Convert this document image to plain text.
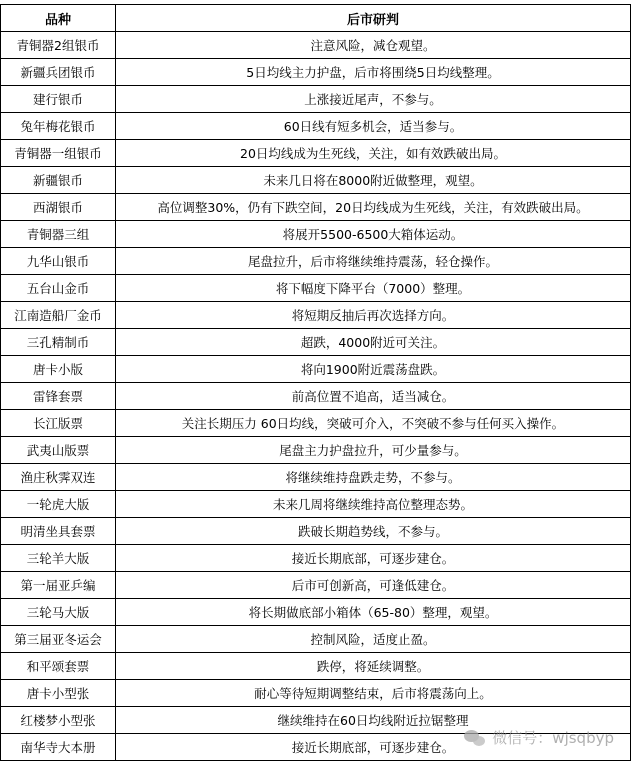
品种	后市研判
青铜器2组银币	注意风险，减仓观望。
新疆兵团银币	5日均线主力护盘，后市将围绕5日均线整理。
建行银币	上涨接近尾声，不参与。
兔年梅花银币	60日线有短多机会，适当参与。
青铜器一组银币	20日均线成为生死线，关注，如有效跌破出局。
新疆银币	未来几日将在8000附近做整理，观望。
西湖银币	高位调整30%，仍有下跌空间，20日均线成为生死线，关注，有效跌破出局。
青铜器三组	将展开5500-6500大箱体运动。
九华山银币	尾盘拉升，后市将继续维持震荡，轻仓操作。
五台山金币	将下幅度下降平台（7000）整理。
江南造船厂金币	将短期反抽后再次选择方向。
三孔精制币	超跌，4000附近可关注。
唐卡小版	将向1900附近震荡盘跌。
雷锋套票	前高位置不追高，适当减仓。
长江版票	关注长期压力 60日均线，突破可介入，不突破不参与任何买入操作。
武夷山版票	尾盘主力护盘拉升，可少量参与。
渔庄秋霁双连	将继续维持盘跌走势，不参与。
一轮虎大版	未来几周将继续维持高位整理态势。
明清坐具套票	跌破长期趋势线，不参与。
三轮羊大版	接近长期底部，可逐步建仓。
第一届亚乒编	后市可创新高，可逢低建仓。
三轮马大版	将长期做底部小箱体（65-80）整理，观望。
第三届亚冬运会	控制风险，适度止盈。
和平颂套票	跌停，将延续调整。
唐卡小型张	耐心等待短期调整结束，后市将震荡向上。
红楼梦小型张	继续维持在60日均线附近拉锯整理
南华寺大本册	接近长期底部，可逐步建仓。
微信号：wjsqbyp
